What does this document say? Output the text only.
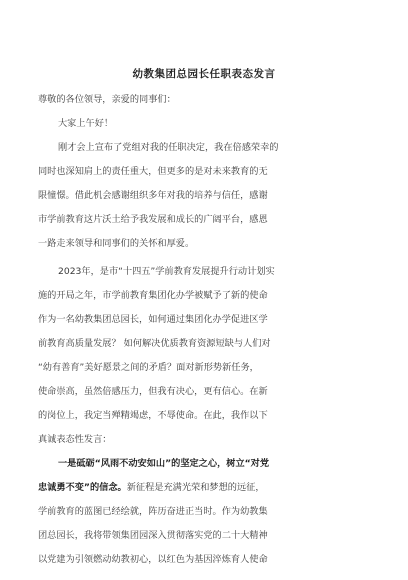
幼教集团总园长任职表态发言
尊敬的各位领导，亲爱的同事们：
大家上午好！
刚才会上宣布了党组对我的任职决定，我在倍感荣幸的
同时也深知肩上的责任重大，但更多的是对未来教育的无
限憧憬。借此机会感谢组织多年对我的培养与信任，感谢
市学前教育这片沃土给予我发展和成长的广阔平台，感恩
一路走来领导和同事们的关怀和厚爱。
2023年，是市“十四五”学前教育发展提升行动计划实
施的开局之年，市学前教育集团化办学被赋予了新的使命
作为一名幼教集团总园长，如何通过集团化办学促进区学
前教育高质量发展？ 如何解决优质教育资源短缺与人们对
“幼有善育”美好愿景之间的矛盾？面对新形势新任务，
使命崇高，虽然倍感压力，但我有决心，更有信心。在新
的岗位上，我定当殚精竭虑，不辱使命。在此，我作以下
真诚表态性发言：
一是砥砺“风雨不动安如山”的坚定之心，树立“对党
忠诚勇不变”的信念。新征程是充满光荣和梦想的远征，
学前教育的蓝图已经绘就，阵历奋进正当时。作为幼教集
团总园长，我将带领集团园深入贯彻落实党的二十大精神
以党建为引领燃动幼教初心，以红色为基因淬炼育人使命
